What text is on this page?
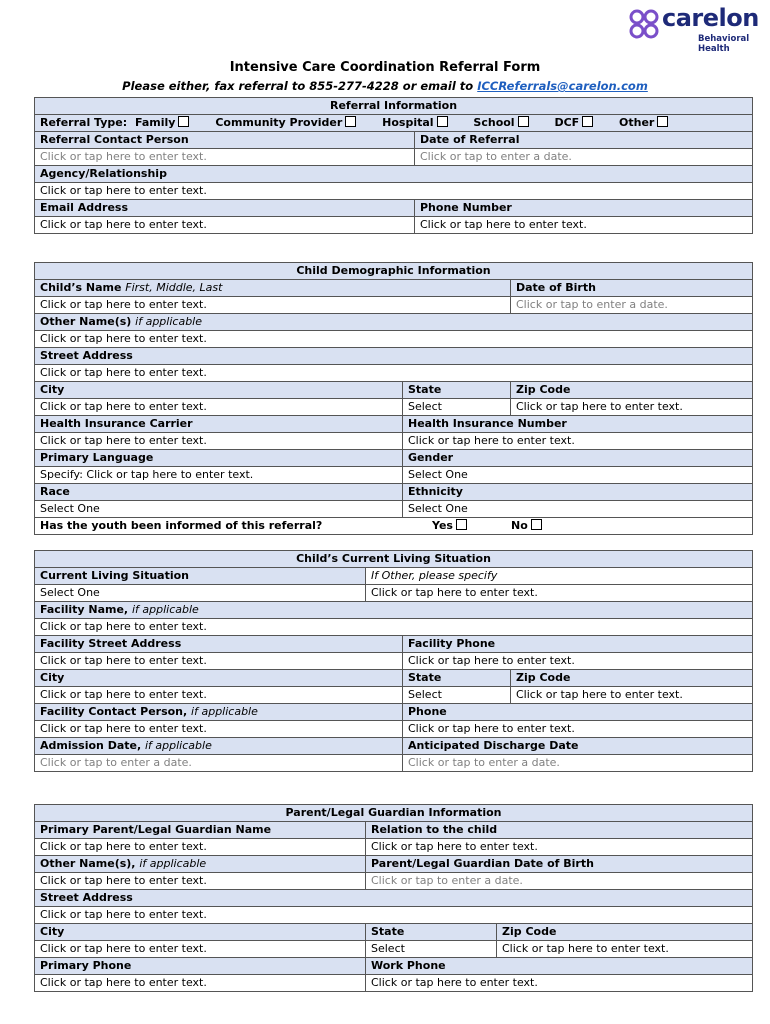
carelon
Behavioral Health
Intensive Care Coordination Referral Form
Please either, fax referral to 855-277-4228 or email to ICCReferrals@carelon.com
Referral Information	
Referral Type: Family Community Provider Hospital School DCF Other	
Referral Contact Person	Date of Referral
Click or tap here to enter text.	Click or tap to enter a date.
Agency/Relationship	
Click or tap here to enter text.	
Email Address	Phone Number
Click or tap here to enter text.	Click or tap here to enter text.
Child Demographic Information		
Child’s Name First, Middle, Last		Date of Birth
Click or tap here to enter text.		Click or tap to enter a date.
Other Name(s) if applicable		
Click or tap here to enter text.		
Street Address		
Click or tap here to enter text.		
City	State	Zip Code
Click or tap here to enter text.	Select	Click or tap here to enter text.
Health Insurance Carrier	Health Insurance Number	
Click or tap here to enter text.	Click or tap here to enter text.	
Primary Language	Gender	
Specify: Click or tap here to enter text.	Select One	
Race	Ethnicity	
Select One	Select One	
Has the youth been informed of this referral? Yes No		
Child’s Current Living Situation			
Current Living Situation	If Other, please specify		
Select One	Click or tap here to enter text.		
Facility Name, if applicable			
Click or tap here to enter text.			
Facility Street Address		Facility Phone	
Click or tap here to enter text.		Click or tap here to enter text.	
City		State	Zip Code
Click or tap here to enter text.		Select	Click or tap here to enter text.
Facility Contact Person, if applicable		Phone	
Click or tap here to enter text.		Click or tap here to enter text.	
Admission Date, if applicable		Anticipated Discharge Date	
Click or tap to enter a date.		Click or tap to enter a date.	
Parent/Legal Guardian Information		
Primary Parent/Legal Guardian Name	Relation to the child	
Click or tap here to enter text.	Click or tap here to enter text.	
Other Name(s), if applicable	Parent/Legal Guardian Date of Birth	
Click or tap here to enter text.	Click or tap to enter a date.	
Street Address		
Click or tap here to enter text.		
City	State	Zip Code
Click or tap here to enter text.	Select	Click or tap here to enter text.
Primary Phone	Work Phone	
Click or tap here to enter text.	Click or tap here to enter text.	
